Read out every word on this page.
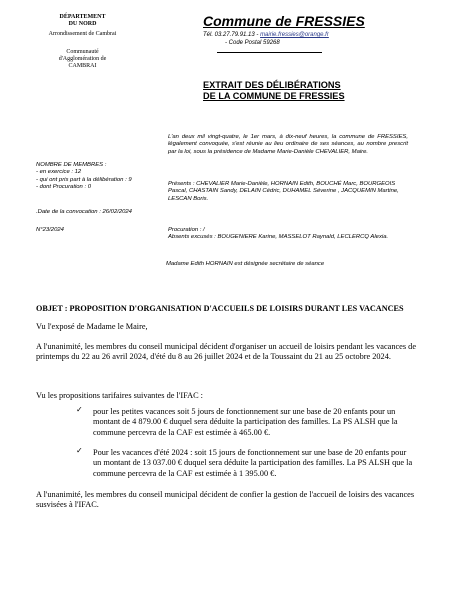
DÉPARTEMENT
DU NORD
Arrondissement de Cambrai
Communauté
d'Agglomération de
CAMBRAI
Commune de FRESSIES
Tél. 03.27.79.91.13 - mairie.fressies@orange.fr
- Code Postal 59268
EXTRAIT DES DÉLIBÉRATIONS
DE LA COMMUNE DE FRESSIES
L'an deux mil vingt-quatre, le 1er mars, à dix-neuf heures, la commune de FRESSIES, légalement convoquée, s'est réunie au lieu ordinaire de ses séances, au nombre prescrit par la loi, sous la présidence de Madame Marie-Danièle CHEVALIER, Maire.
NOMBRE DE MEMBRES :
- en exercice : 12
- qui ont pris part à la délibération : 9
- dont Procuration : 0	Présents : CHEVALIER Marie-Danièle, HORNAIN Edith, BOUCHÉ Marc, BOURGEOIS Pascal, CHASTAIN Sandy, DELAIN Cédric, DUHAMEL Séverine , JACQUEMIN Martine, LESCAN Boris.
.Date de la convocation : 26/02/2024
N°23/2024	Procuration : /
Absents excusés : BOUGENIERE Karine, MASSELOT Raynald, LECLERCQ Alexia.
Madame Edith HORNAIN est désignée secrétaire de séance
OBJET : PROPOSITION D'ORGANISATION D'ACCUEILS DE LOISIRS DURANT LES VACANCES
Vu l'exposé de Madame le Maire,
A l'unanimité, les membres du conseil municipal décident d'organiser un accueil de loisirs pendant les vacances de printemps du 22 au 26 avril 2024, d'été du 8 au 26 juillet 2024 et de la Toussaint du 21 au 25 octobre 2024.
Vu les propositions tarifaires suivantes de l'IFAC :
✓ pour les petites vacances soit 5 jours de fonctionnement sur une base de 20 enfants pour un montant de 4 879.00 € duquel sera déduite la participation des familles. La PS ALSH que la commune percevra de la CAF est estimée à 465.00 €.
✓ Pour les vacances d'été 2024 : soit 15 jours de fonctionnement sur une base de 20 enfants pour un montant de 13 037.00 € duquel sera déduite la participation des familles. La PS ALSH que la commune percevra de la CAF est estimée à 1 395.00 €.
A l'unanimité, les membres du conseil municipal décident de confier la gestion de l'accueil de loisirs des vacances susvisées à l'IFAC.
